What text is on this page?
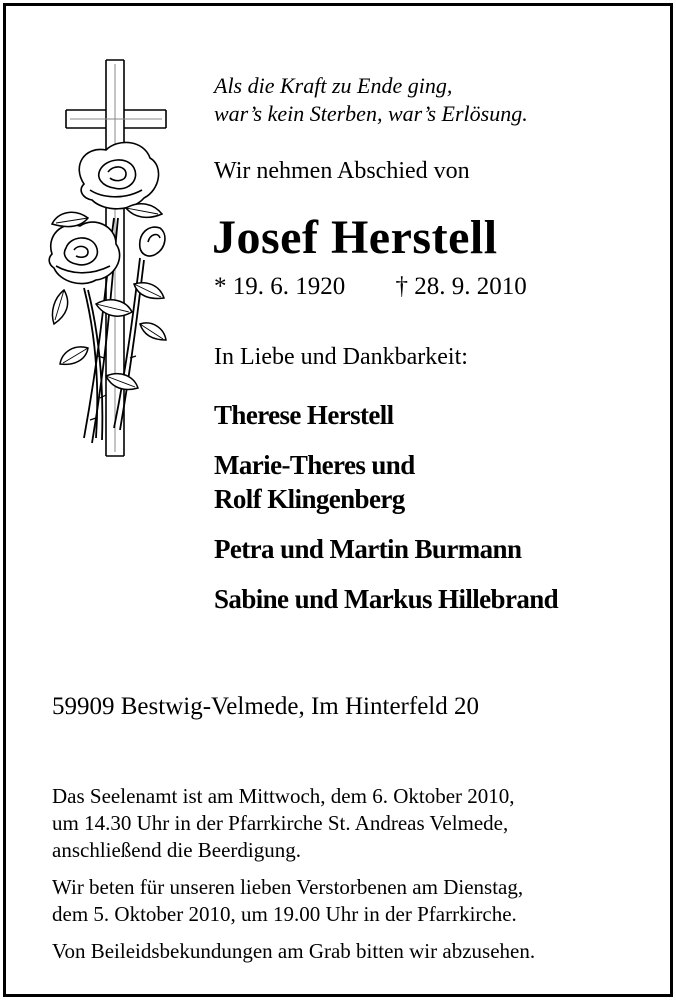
Als die Kraft zu Ende ging,
war’s kein Sterben, war’s Erlösung.
Wir nehmen Abschied von
Josef Herstell
* 19. 6. 1920 † 28. 9. 2010
In Liebe und Dankbarkeit:
Therese Herstell
Marie-Theres und
Rolf Klingenberg
Petra und Martin Burmann
Sabine und Markus Hillebrand
59909 Bestwig-Velmede, Im Hinterfeld 20

Das Seelenamt ist am Mittwoch, dem 6. Oktober 2010,
um 14.30 Uhr in der Pfarrkirche St. Andreas Velmede,
anschließend die Beerdigung.

Wir beten für unseren lieben Verstorbenen am Dienstag,
dem 5. Oktober 2010, um 19.00 Uhr in der Pfarrkirche.

Von Beileidsbekundungen am Grab bitten wir abzusehen.
